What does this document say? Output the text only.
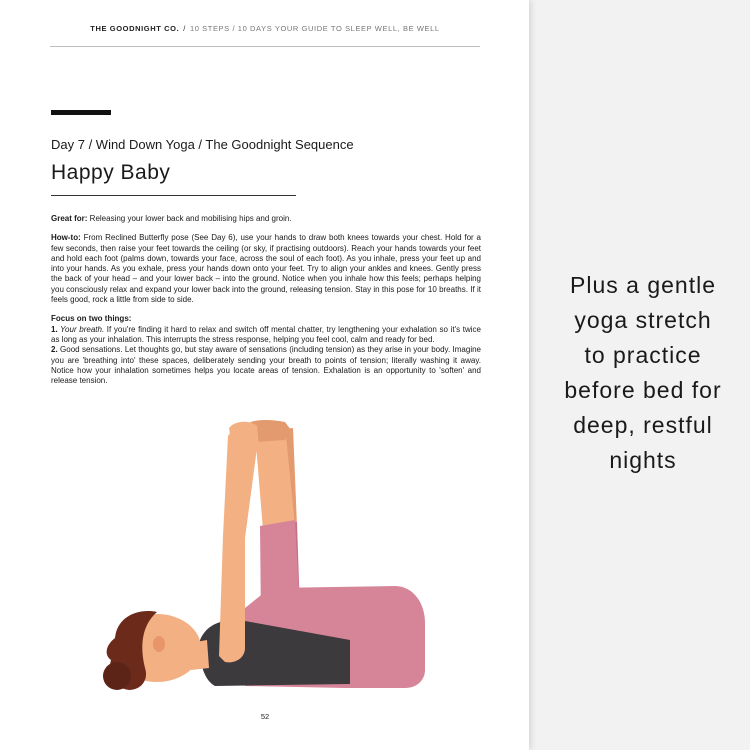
THE GOODNIGHT CO. / 10 STEPS / 10 DAYS YOUR GUIDE TO SLEEP WELL, BE WELL
Day 7 / Wind Down Yoga / The Goodnight Sequence
Happy Baby

Great for: Releasing your lower back and mobilising hips and groin.

How-to: From Reclined Butterfly pose (See Day 6), use your hands to draw both knees towards your chest. Hold for a few seconds, then raise your feet towards the ceiling (or sky, if practising outdoors). Reach your hands towards your feet and hold each foot (palms down, towards your face, across the soul of each foot). As you inhale, press your feet up and into your hands. As you exhale, press your hands down onto your feet. Try to align your ankles and knees. Gently press the back of your head – and your lower back – into the ground. Notice when you inhale how this feels; perhaps helping you consciously relax and expand your lower back into the ground, releasing tension. Stay in this pose for 10 breaths. If it feels good, rock a little from side to side.

Focus on two things:

1. Your breath. If you're finding it hard to relax and switch off mental chatter, try lengthening your exhalation so it's twice as long as your inhalation. This interrupts the stress response, helping you feel cool, calm and ready for bed.

2. Good sensations. Let thoughts go, but stay aware of sensations (including tension) as they arise in your body. Imagine you are 'breathing into' these spaces, deliberately sending your breath to points of tension; literally washing it away. Notice how your inhalation sometimes helps you locate areas of tension. Exhalation is an opportunity to 'soften' and release tension.

52
Plus a gentle
yoga stretch
to practice
before bed for
deep, restful
nights
